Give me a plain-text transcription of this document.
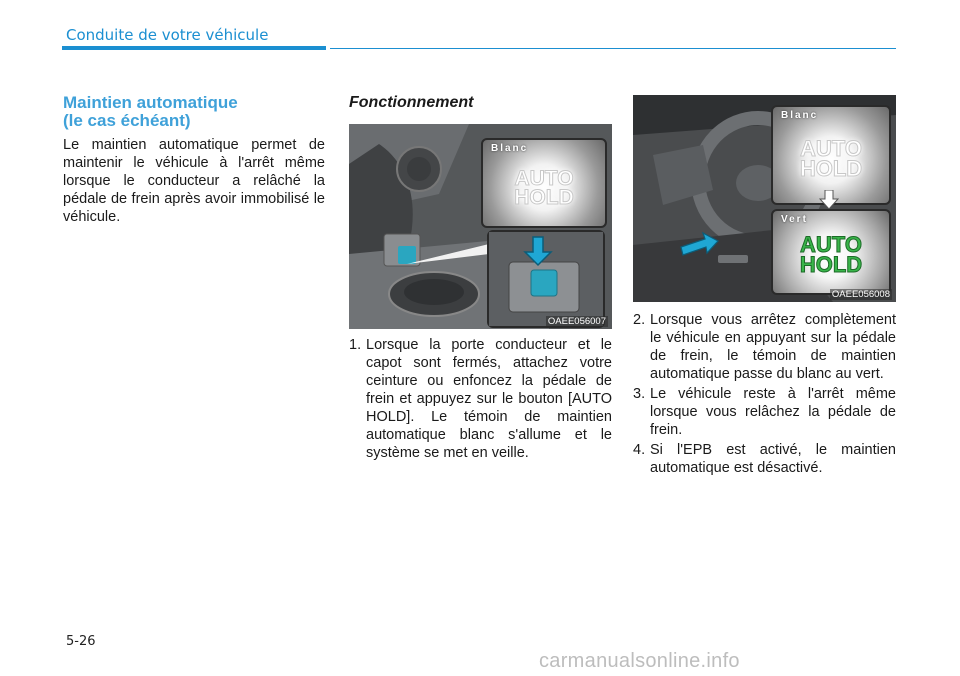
Conduite de votre véhicule
Maintien automatique
(le cas échéant)
Le maintien automatique permet de maintenir le véhicule à l'arrêt même lorsque le conducteur a relâché la pédale de frein après avoir immobilisé le véhicule.
Fonctionnement
Blanc
AUTO
HOLD
OAEE056007
1. Lorsque la porte conducteur et le capot sont fermés, attachez votre ceinture ou enfoncez la pédale de frein et appuyez sur le bouton [AUTO HOLD]. Le témoin de maintien automatique blanc s'allume et le système se met en veille.
Blanc
AUTO
HOLD
Vert
AUTO
HOLD
OAEE056008
2. Lorsque vous arrêtez complètement le véhicule en appuyant sur la pédale de frein, le témoin de maintien automatique passe du blanc au vert.
3. Le véhicule reste à l'arrêt même lorsque vous relâchez la pédale de frein.
4. Si l'EPB est activé, le maintien automatique est désactivé.
5-26
carmanualsonline.info
